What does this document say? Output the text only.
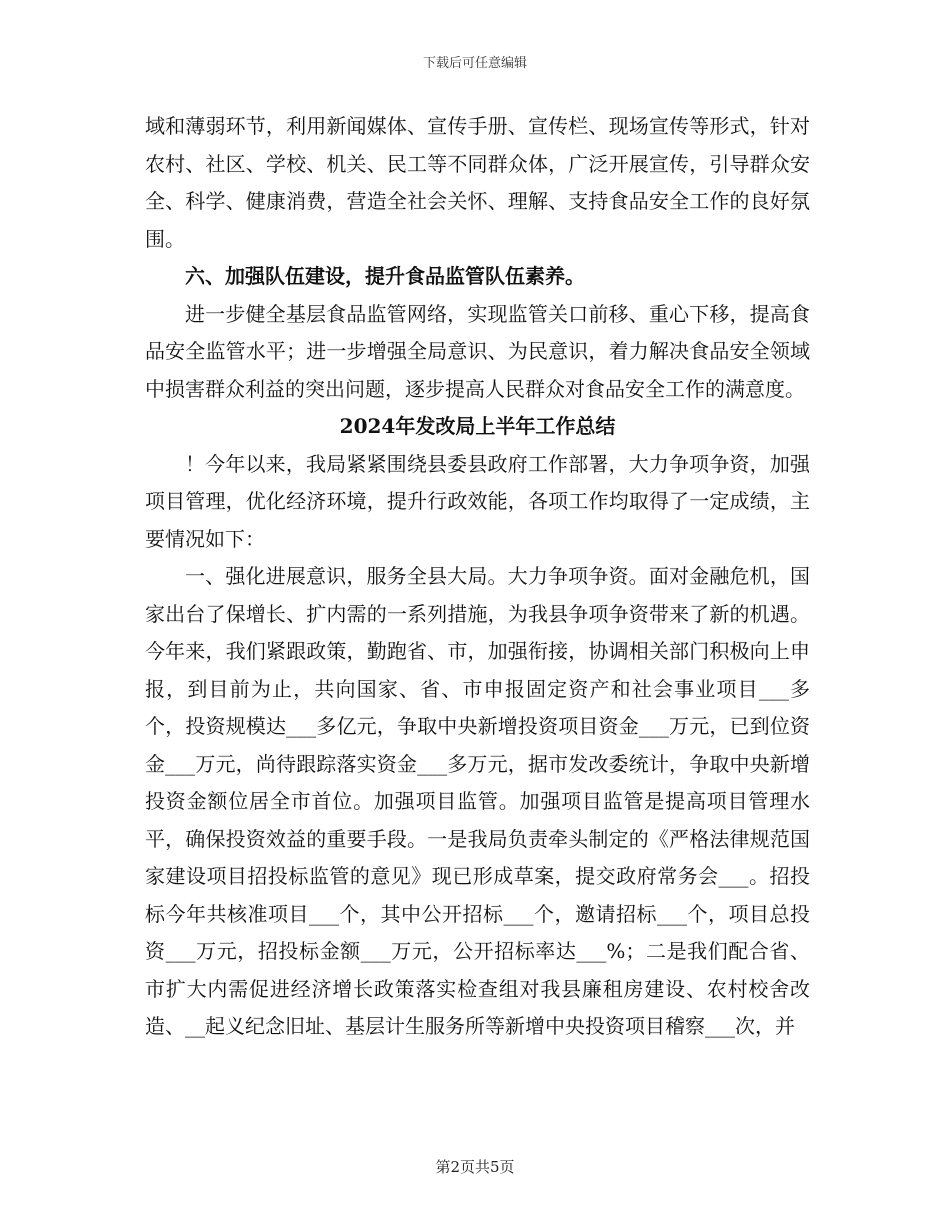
下载后可任意编辑

域和薄弱环节，利用新闻媒体、宣传手册、宣传栏、现场宣传等形式，针对农村、社区、学校、机关、民工等不同群众体，广泛开展宣传，引导群众安全、科学、健康消费，营造全社会关怀、理解、支持食品安全工作的良好氛围。

六、加强队伍建设，提升食品监管队伍素养。

进一步健全基层食品监管网络，实现监管关口前移、重心下移，提高食品安全监管水平；进一步增强全局意识、为民意识，着力解决食品安全领域中损害群众利益的突出问题，逐步提高人民群众对食品安全工作的满意度。

2024年发改局上半年工作总结

！今年以来，我局紧紧围绕县委县政府工作部署，大力争项争资，加强项目管理，优化经济环境，提升行政效能，各项工作均取得了一定成绩，主要情况如下：

一、强化进展意识，服务全县大局。大力争项争资。面对金融危机，国家出台了保增长、扩内需的一系列措施，为我县争项争资带来了新的机遇。今年来，我们紧跟政策，勤跑省、市，加强衔接，协调相关部门积极向上申报，到目前为止，共向国家、省、市申报固定资产和社会事业项目___多个，投资规模达___多亿元，争取中央新增投资项目资金___万元，已到位资金___万元，尚待跟踪落实资金___多万元，据市发改委统计，争取中央新增投资金额位居全市首位。加强项目监管。加强项目监管是提高项目管理水平，确保投资效益的重要手段。一是我局负责牵头制定的《严格法律规范国家建设项目招投标监管的意见》现已形成草案，提交政府常务会___。招投标今年共核准项目___个，其中公开招标___个，邀请招标___个，项目总投资___万元，招投标金额___万元，公开招标率达___%；二是我们配合省、市扩大内需促进经济增长政策落实检查组对我县廉租房建设、农村校舍改造、__起义纪念旧址、基层计生服务所等新增中央投资项目稽察___次，并

第2页共5页
